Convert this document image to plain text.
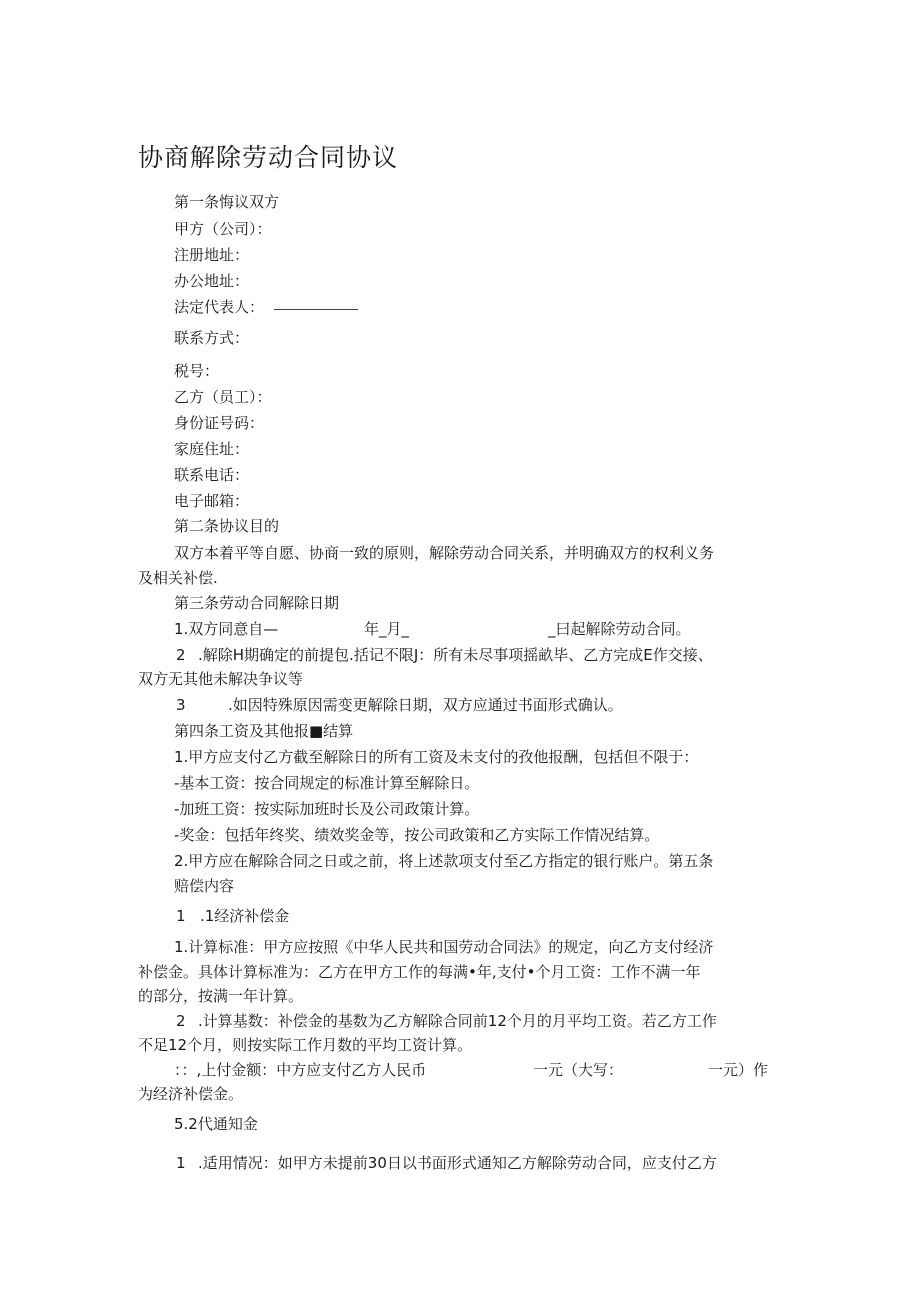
协商解除劳动合同协议
第一条悔议双方
甲方（公司）：
注册地址：
办公地址：
法定代表人：
联系方式：
税号：
乙方（员工）：
身份证号码：
家庭住址：
联系电话：
电子邮箱：
第二条协议目的
双方本着平等自愿、协商一致的原则，解除劳动合同关系，并明确双方的权利义务
及相关补偿.
第三条劳动合同解除日期
1.双方同意自—	年_月_	_曰起解除劳动合同。
2 .解除H期确定的前提包.括记不限J：所有未尽事项摇畝毕、乙方完成E作交接、
双方无其他未解决争议等
3	.如因特殊原因需变更解除日期，双方应通过书面形式确认。
第四条工资及其他报■结算
1.甲方应支付乙方截至解除日的所有工资及未支付的孜他报酬，包括但不限于：
-基本工资：按合同规定的标准计算至解除日。
-加班工资：按实际加班时长及公司政策计算。
-奖金：包括年终奖、绩效奖金等，按公司政策和乙方实际工作情况结算。
2.甲方应在解除合同之日或之前，将上述款项支付至乙方指定的银行账户。第五条
赔偿内容
1 .1经济补偿金
1.计算标准：甲方应按照《中华人民共和国劳动合同法》的规定，向乙方支付经济
补偿金。具体计算标准为：乙方在甲方工作的每满•年,支付•个月工资：工作不满一年
的部分，按满一年计算。
2 .计算基数：补偿金的基数为乙方解除合同前12个月的月平均工资。若乙方工作
不足12个月，则按实际工作月数的平均工资计算。
：：,上付金额：中方应支付乙方人民币	一元（大写：	一元）作
为经济补偿金。
5.2代通知金
1 .适用情况：如甲方未提前30日以书面形式通知乙方解除劳动合同，应支付乙方
